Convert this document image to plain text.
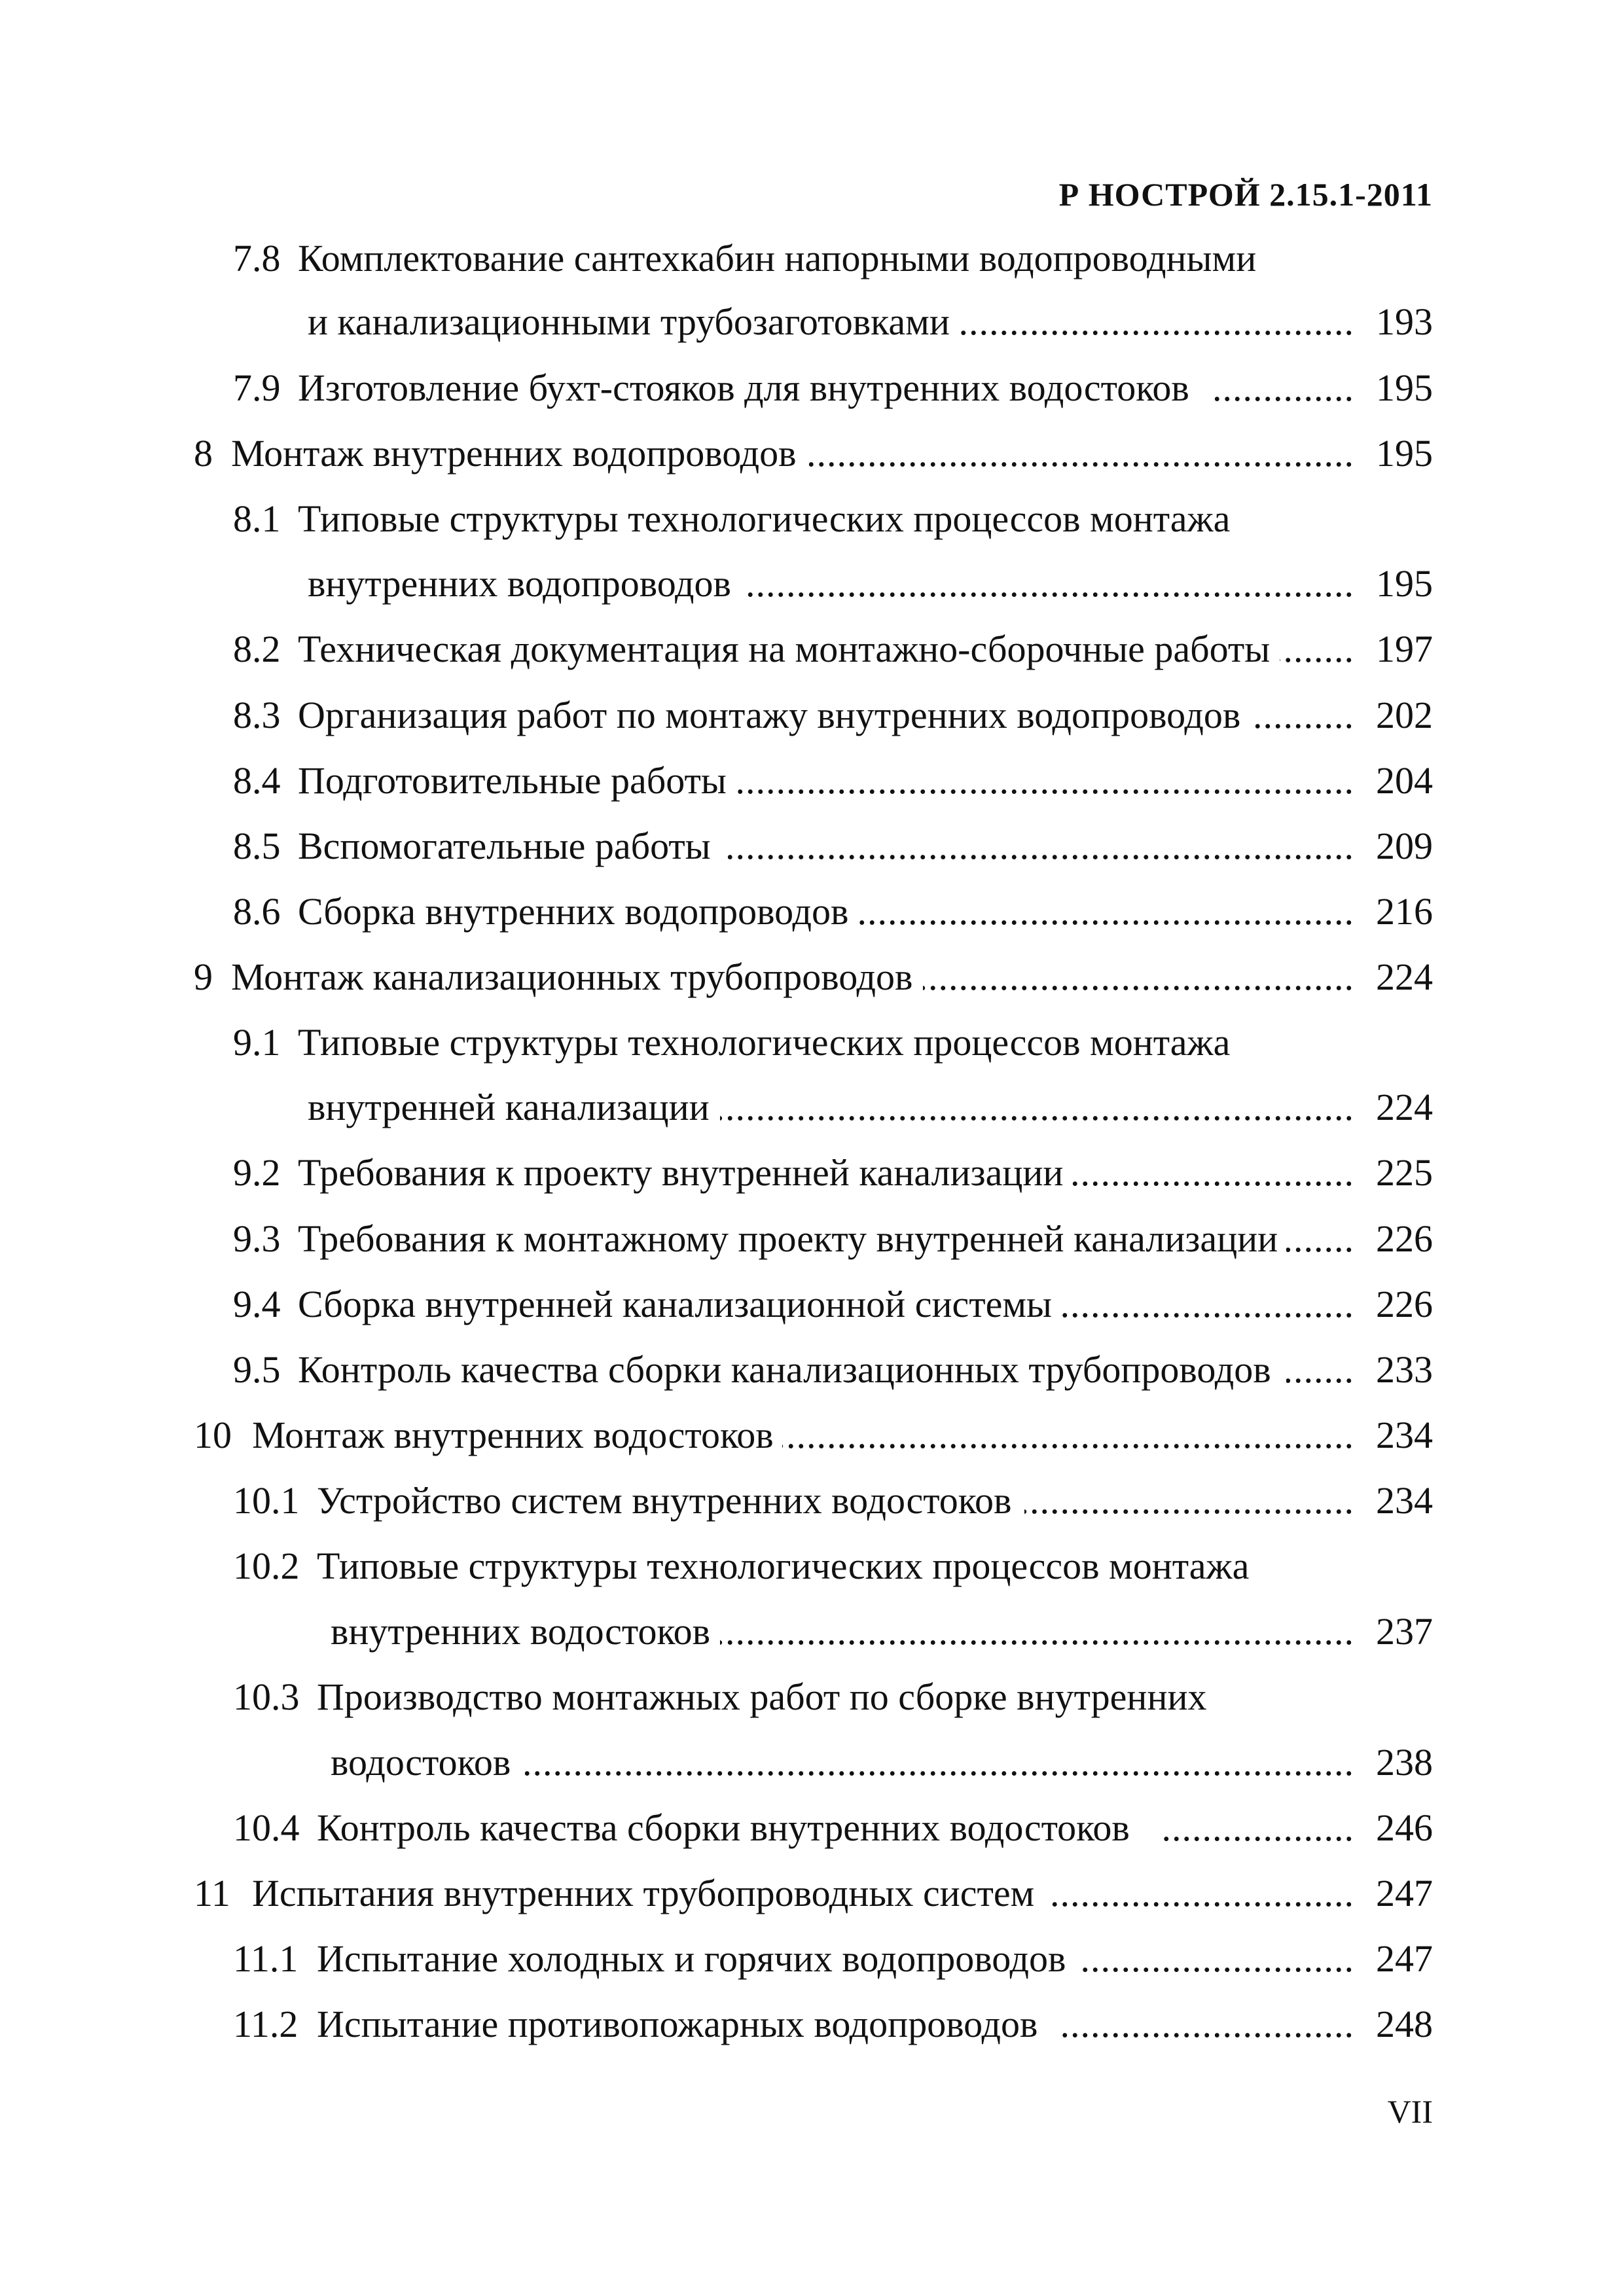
Р НОСТРОЙ 2.15.1-2011
7.8 Комплектование сантехкабин напорными водопроводными
и канализационными трубозаготовками .....	193
7.9 Изготовление бухт-стояков для внутренних водостоков .....	195
8 Монтаж внутренних водопроводов .....	195
8.1 Типовые структуры технологических процессов монтажа
внутренних водопроводов .....	195
8.2 Техническая документация на монтажно-сборочные работы .....	197
8.3 Организация работ по монтажу внутренних водопроводов .....	202
8.4 Подготовительные работы .....	204
8.5 Вспомогательные работы .....	209
8.6 Сборка внутренних водопроводов .....	216
9 Монтаж канализационных трубопроводов .....	224
9.1 Типовые структуры технологических процессов монтажа
внутренней канализации .....	224
9.2 Требования к проекту внутренней канализации .....	225
9.3 Требования к монтажному проекту внутренней канализации .....	226
9.4 Сборка внутренней канализационной системы .....	226
9.5 Контроль качества сборки канализационных трубопроводов .....	233
10 Монтаж внутренних водостоков .....	234
10.1 Устройство систем внутренних водостоков .....	234
10.2 Типовые структуры технологических процессов монтажа
внутренних водостоков .....	237
10.3 Производство монтажных работ по сборке внутренних
водостоков .....	238
10.4 Контроль качества сборки внутренних водостоков .....	246
11 Испытания внутренних трубопроводных систем .....	247
11.1 Испытание холодных и горячих водопроводов .....	247
11.2 Испытание противопожарных водопроводов .....	248
VII
